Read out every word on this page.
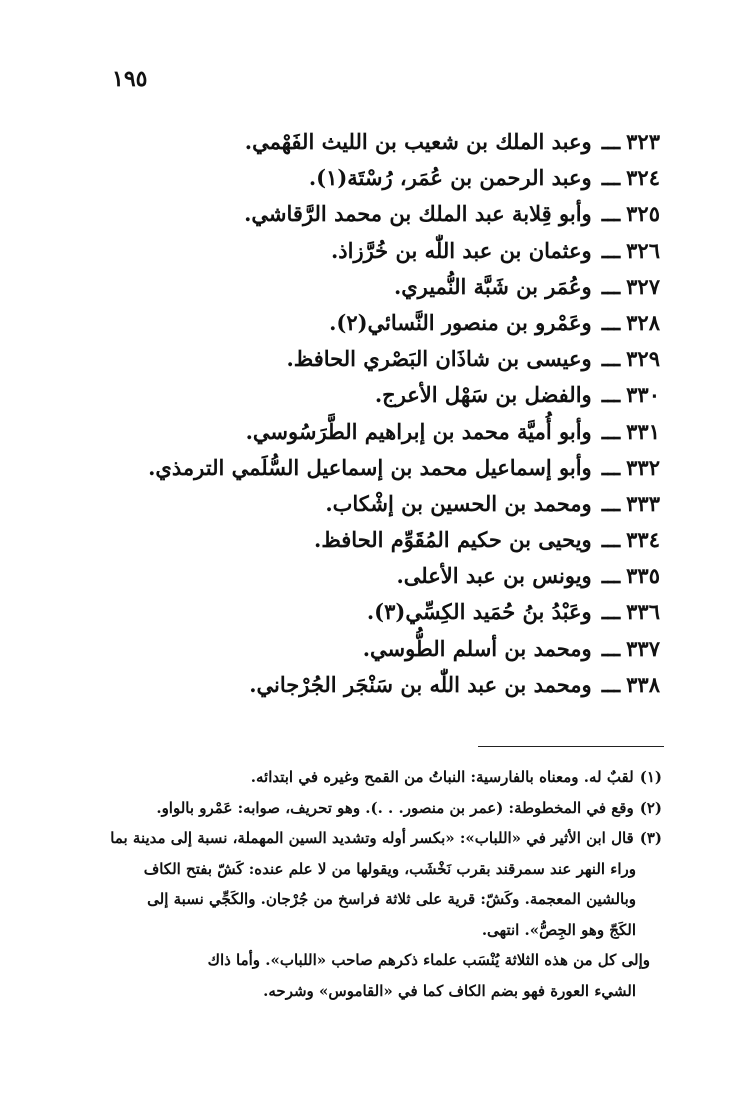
١٩٥
٣٢٣ـــوعبد الملك بن شعيب بن الليث الفَهْمي.
٣٢٤ـــوعبد الرحمن بن عُمَر، رُسْتَة(١).
٣٢٥ـــوأبو قِلابة عبد الملك بن محمد الرَّقاشي.
٣٢٦ـــوعثمان بن عبد اللّٰه بن خُرَّزاذ.
٣٢٧ـــوعُمَر بن شَبَّة النُّميري.
٣٢٨ـــوعَمْرو بن منصور النَّسائي(٢).
٣٢٩ـــوعيسى بن شاذَان البَصْري الحافظ.
٣٣٠ـــوالفضل بن سَهْل الأعرج.
٣٣١ـــوأبو أُميَّة محمد بن إبراهيم الطَّرَسُوسي.
٣٣٢ـــوأبو إسماعيل محمد بن إسماعيل السُّلَمي الترمذي.
٣٣٣ـــومحمد بن الحسين بن إشْكاب.
٣٣٤ـــويحيى بن حكيم المُقَوِّم الحافظ.
٣٣٥ـــويونس بن عبد الأعلى.
٣٣٦ـــوعَبْدُ بنُ حُمَيد الكِسِّي(٣).
٣٣٧ـــومحمد بن أسلم الطُّوسي.
٣٣٨ـــومحمد بن عبد اللّٰه بن سَنْجَر الجُرْجاني.
(١)لقبٌ له. ومعناه بالفارسية: النباتُ من القمح وغيره في ابتدائه.
(٢)وقع في المخطوطة: (عمر بن منصور. . .). وهو تحريف، صوابه: عَمْرو بالواو.
(٣)قال ابن الأثير في «اللباب»: «بكسر أوله وتشديد السين المهملة، نسبة إلى مدينة بما
وراء النهر عند سمرقند بقرب نَخْشَب، ويقولها من لا علم عنده: كَشّ بفتح الكاف
وبالشين المعجمة. وكَشّ: قرية على ثلاثة فراسخ من جُرْجان. والكَجِّي نسبة إلى
الكَجّ وهو الجِصُّ». انتهى.
وإلى كل من هذه الثلاثة يُنْسَب علماء ذكرهم صاحب «اللباب». وأما ذاك
الشيء العورة فهو بضم الكاف كما في «القاموس» وشرحه.
